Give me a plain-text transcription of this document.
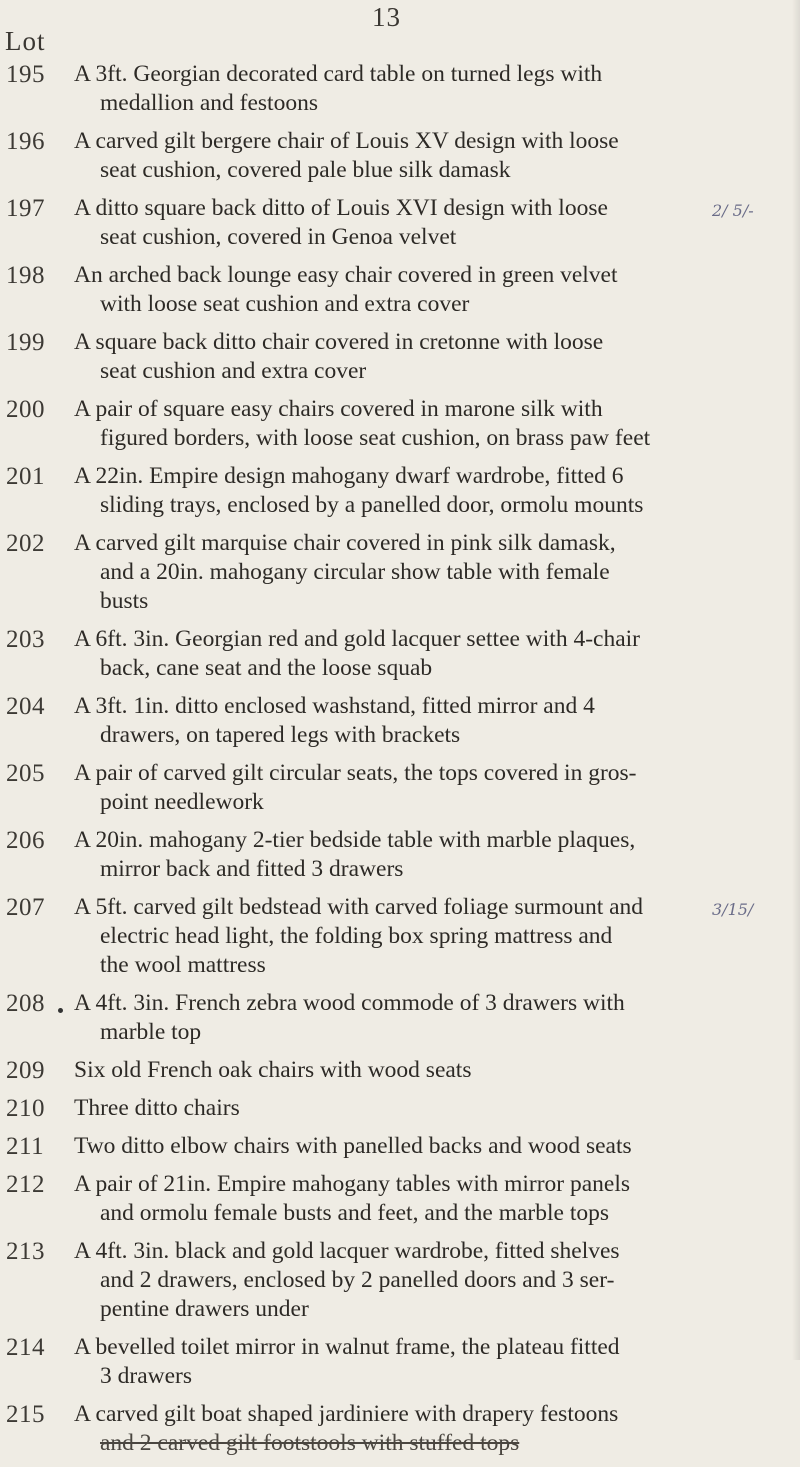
13
Lot
195 A 3ft. Georgian decorated card table on turned legs with
medallion and festoons
196 A carved gilt bergere chair of Louis XV design with loose
seat cushion, covered pale blue silk damask
197 A ditto square back ditto of Louis XVI design with loose
seat cushion, covered in Genoa velvet
2/ 5/-
198 An arched back lounge easy chair covered in green velvet
with loose seat cushion and extra cover
199 A square back ditto chair covered in cretonne with loose
seat cushion and extra cover
200 A pair of square easy chairs covered in marone silk with
figured borders, with loose seat cushion, on brass paw feet
201 A 22in. Empire design mahogany dwarf wardrobe, fitted 6
sliding trays, enclosed by a panelled door, ormolu mounts
202 A carved gilt marquise chair covered in pink silk damask,
and a 20in. mahogany circular show table with female
busts
203 A 6ft. 3in. Georgian red and gold lacquer settee with 4-chair
back, cane seat and the loose squab
204 A 3ft. 1in. ditto enclosed washstand, fitted mirror and 4
drawers, on tapered legs with brackets
205 A pair of carved gilt circular seats, the tops covered in gros-
point needlework
206 A 20in. mahogany 2-tier bedside table with marble plaques,
mirror back and fitted 3 drawers
207 A 5ft. carved gilt bedstead with carved foliage surmount and
electric head light, the folding box spring mattress and
the wool mattress
3/15/
208 A 4ft. 3in. French zebra wood commode of 3 drawers with
marble top
209 Six old French oak chairs with wood seats
210 Three ditto chairs
211 Two ditto elbow chairs with panelled backs and wood seats
212 A pair of 21in. Empire mahogany tables with mirror panels
and ormolu female busts and feet, and the marble tops
213 A 4ft. 3in. black and gold lacquer wardrobe, fitted shelves
and 2 drawers, enclosed by 2 panelled doors and 3 ser-
pentine drawers under
214 A bevelled toilet mirror in walnut frame, the plateau fitted
3 drawers
215 A carved gilt boat shaped jardiniere with drapery festoons
and 2 carved gilt footstools with stuffed tops
